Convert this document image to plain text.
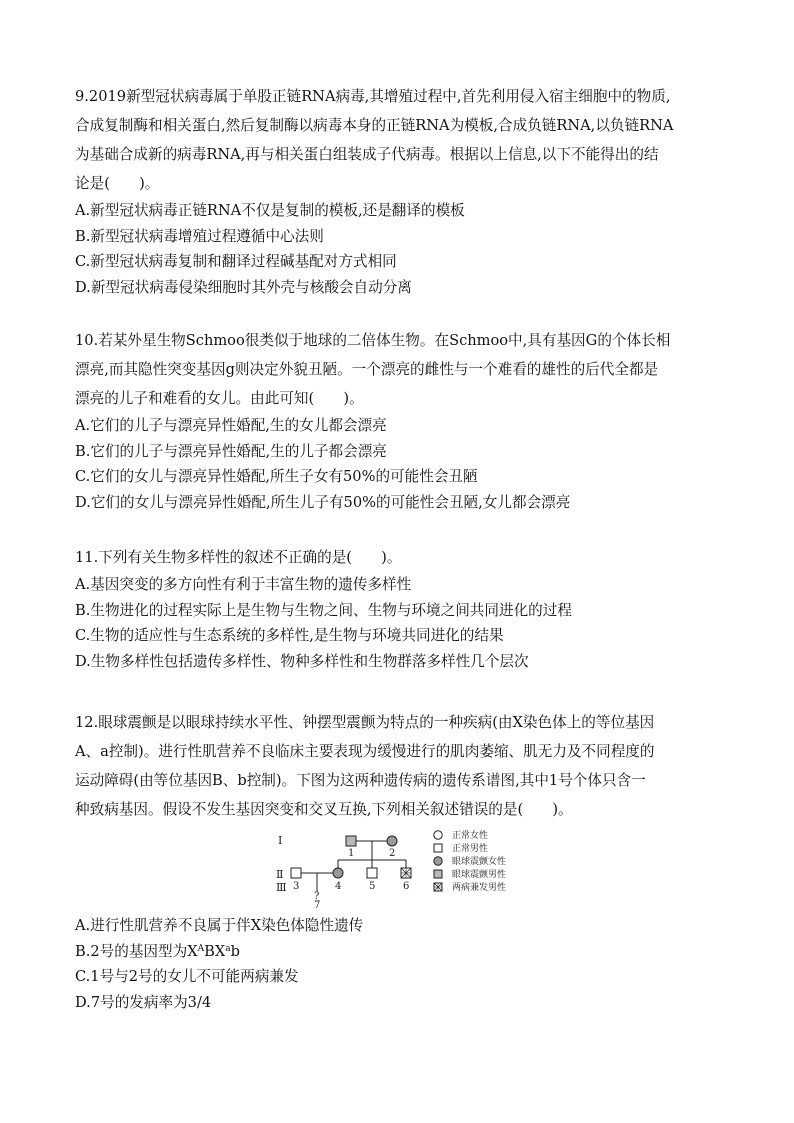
9.2019新型冠状病毒属于单股正链RNA病毒,其增殖过程中,首先利用侵入宿主细胞中的物质,

合成复制酶和相关蛋白,然后复制酶以病毒本身的正链RNA为模板,合成负链RNA,以负链RNA

为基础合成新的病毒RNA,再与相关蛋白组装成子代病毒。根据以上信息,以下不能得出的结

论是(　　)。

A.新型冠状病毒正链RNA不仅是复制的模板,还是翻译的模板

B.新型冠状病毒增殖过程遵循中心法则

C.新型冠状病毒复制和翻译过程碱基配对方式相同

D.新型冠状病毒侵染细胞时其外壳与核酸会自动分离

10.若某外星生物Schmoo很类似于地球的二倍体生物。在Schmoo中,具有基因G的个体长相

漂亮,而其隐性突变基因g则决定外貌丑陋。一个漂亮的雌性与一个难看的雄性的后代全都是

漂亮的儿子和难看的女儿。由此可知(　　)。

A.它们的儿子与漂亮异性婚配,生的女儿都会漂亮

B.它们的儿子与漂亮异性婚配,生的儿子都会漂亮

C.它们的女儿与漂亮异性婚配,所生子女有50%的可能性会丑陋

D.它们的女儿与漂亮异性婚配,所生儿子有50%的可能性会丑陋,女儿都会漂亮

11.下列有关生物多样性的叙述不正确的是(　　)。

A.基因突变的多方向性有利于丰富生物的遗传多样性

B.生物进化的过程实际上是生物与生物之间、生物与环境之间共同进化的过程

C.生物的适应性与生态系统的多样性,是生物与环境共同进化的结果

D.生物多样性包括遗传多样性、物种多样性和生物群落多样性几个层次

12.眼球震颤是以眼球持续水平性、钟摆型震颤为特点的一种疾病(由X染色体上的等位基因

A、a控制)。进行性肌营养不良临床主要表现为缓慢进行的肌肉萎缩、肌无力及不同程度的

运动障碍(由等位基因B、b控制)。下图为这两种遗传病的遗传系谱图,其中1号个体只含一

种致病基因。假设不发生基因突变和交叉互换,下列相关叙述错误的是(　　)。

Ⅰ
Ⅱ
Ⅲ
1	2
3	4	5	6
?
7
正常女性
正常男性
眼球震颤女性
眼球震颤男性
两病兼发男性

A.进行性肌营养不良属于伴X染色体隐性遗传

B.2号的基因型为$X^ABX^ab$

C.1号与2号的女儿不可能两病兼发

D.7号的发病率为3/4
